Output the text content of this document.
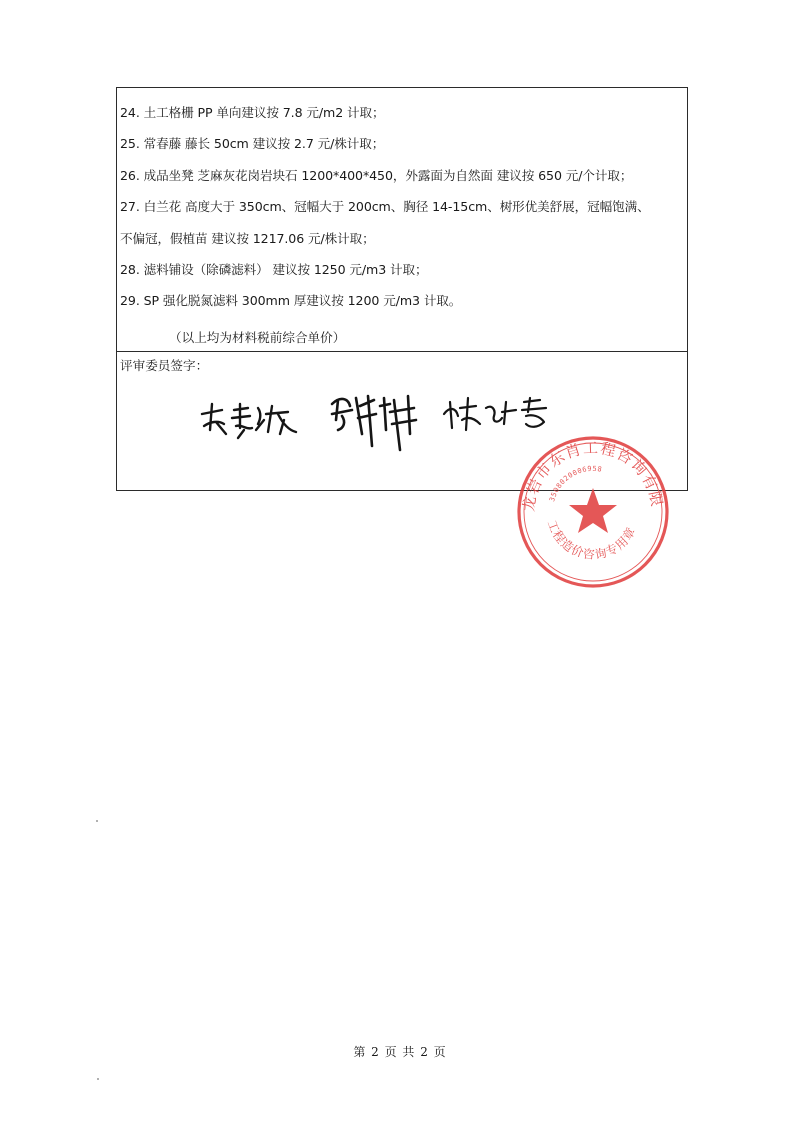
24. 土工格栅 PP 单向建议按 7.8 元/m2 计取；
25. 常春藤 藤长 50cm 建议按 2.7 元/株计取；
26. 成品坐凳 芝麻灰花岗岩块石 1200*400*450，外露面为自然面 建议按 650 元/个计取；
27. 白兰花 高度大于 350cm、冠幅大于 200cm、胸径 14-15cm、树形优美舒展，冠幅饱满、
不偏冠，假植苗 建议按 1217.06 元/株计取；
28. 滤料铺设（除磷滤料） 建议按 1250 元/m3 计取；
29. SP 强化脱氮滤料 300mm 厚建议按 1200 元/m3 计取。
（以上均为材料税前综合单价）
评审委员签字：
龙岩市东肖工程咨询有限
3508020006958
工程造价咨询专用章
第 2 页 共 2 页
